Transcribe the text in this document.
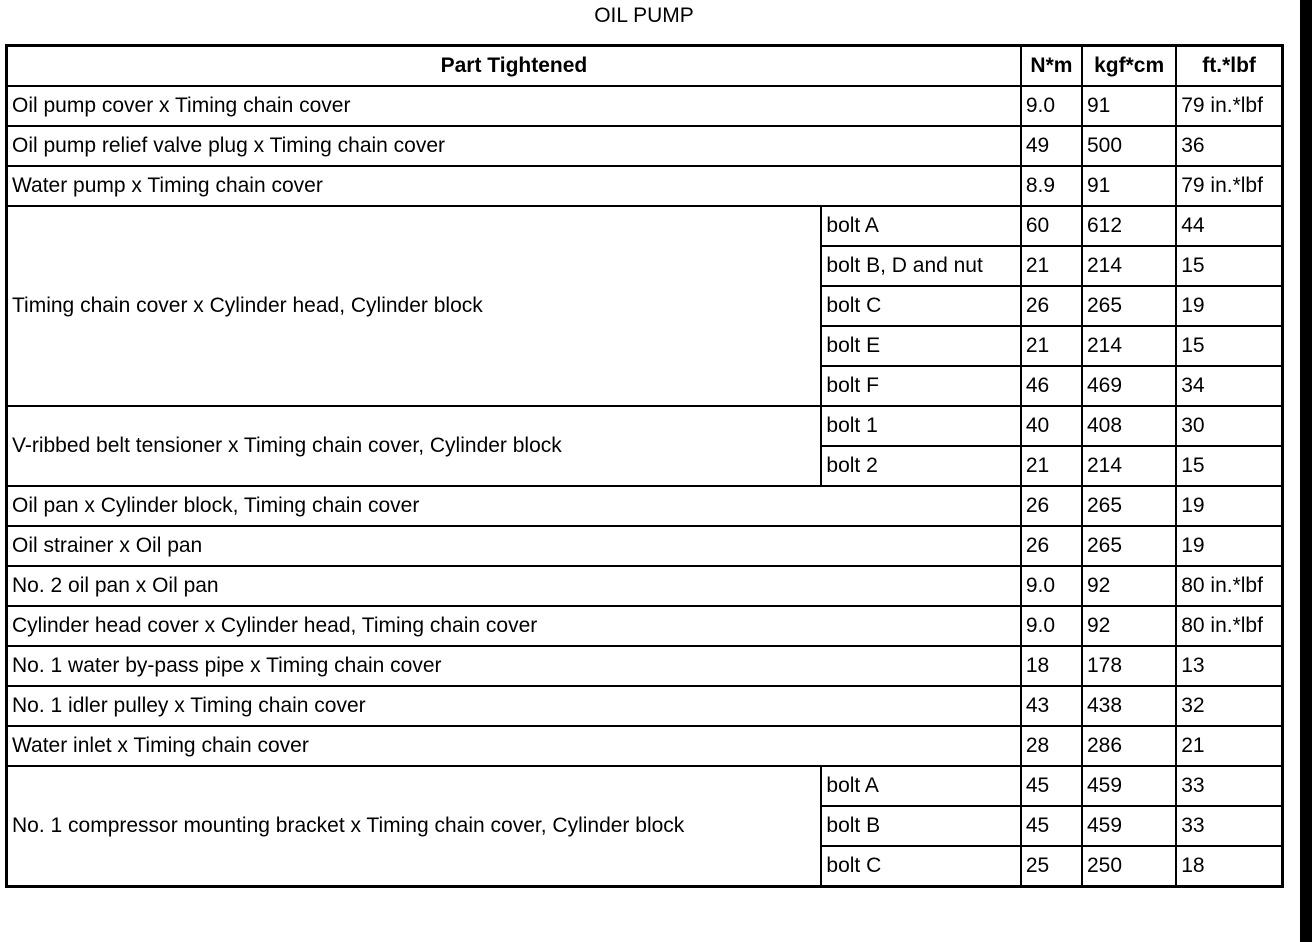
OIL PUMP
Part Tightened		N*m	kgf*cm	ft.*lbf
Oil pump cover x Timing chain cover		9.0	91	79 in.*lbf
Oil pump relief valve plug x Timing chain cover		49	500	36
Water pump x Timing chain cover		8.9	91	79 in.*lbf
Timing chain cover x Cylinder head, Cylinder block	bolt A	60	612	44
	bolt B, D and nut	21	214	15
	bolt C	26	265	19
	bolt E	21	214	15
	bolt F	46	469	34
V-ribbed belt tensioner x Timing chain cover, Cylinder block	bolt 1	40	408	30
	bolt 2	21	214	15
Oil pan x Cylinder block, Timing chain cover		26	265	19
Oil strainer x Oil pan		26	265	19
No. 2 oil pan x Oil pan		9.0	92	80 in.*lbf
Cylinder head cover x Cylinder head, Timing chain cover		9.0	92	80 in.*lbf
No. 1 water by-pass pipe x Timing chain cover		18	178	13
No. 1 idler pulley x Timing chain cover		43	438	32
Water inlet x Timing chain cover		28	286	21
No. 1 compressor mounting bracket x Timing chain cover, Cylinder block	bolt A	45	459	33
	bolt B	45	459	33
	bolt C	25	250	18
